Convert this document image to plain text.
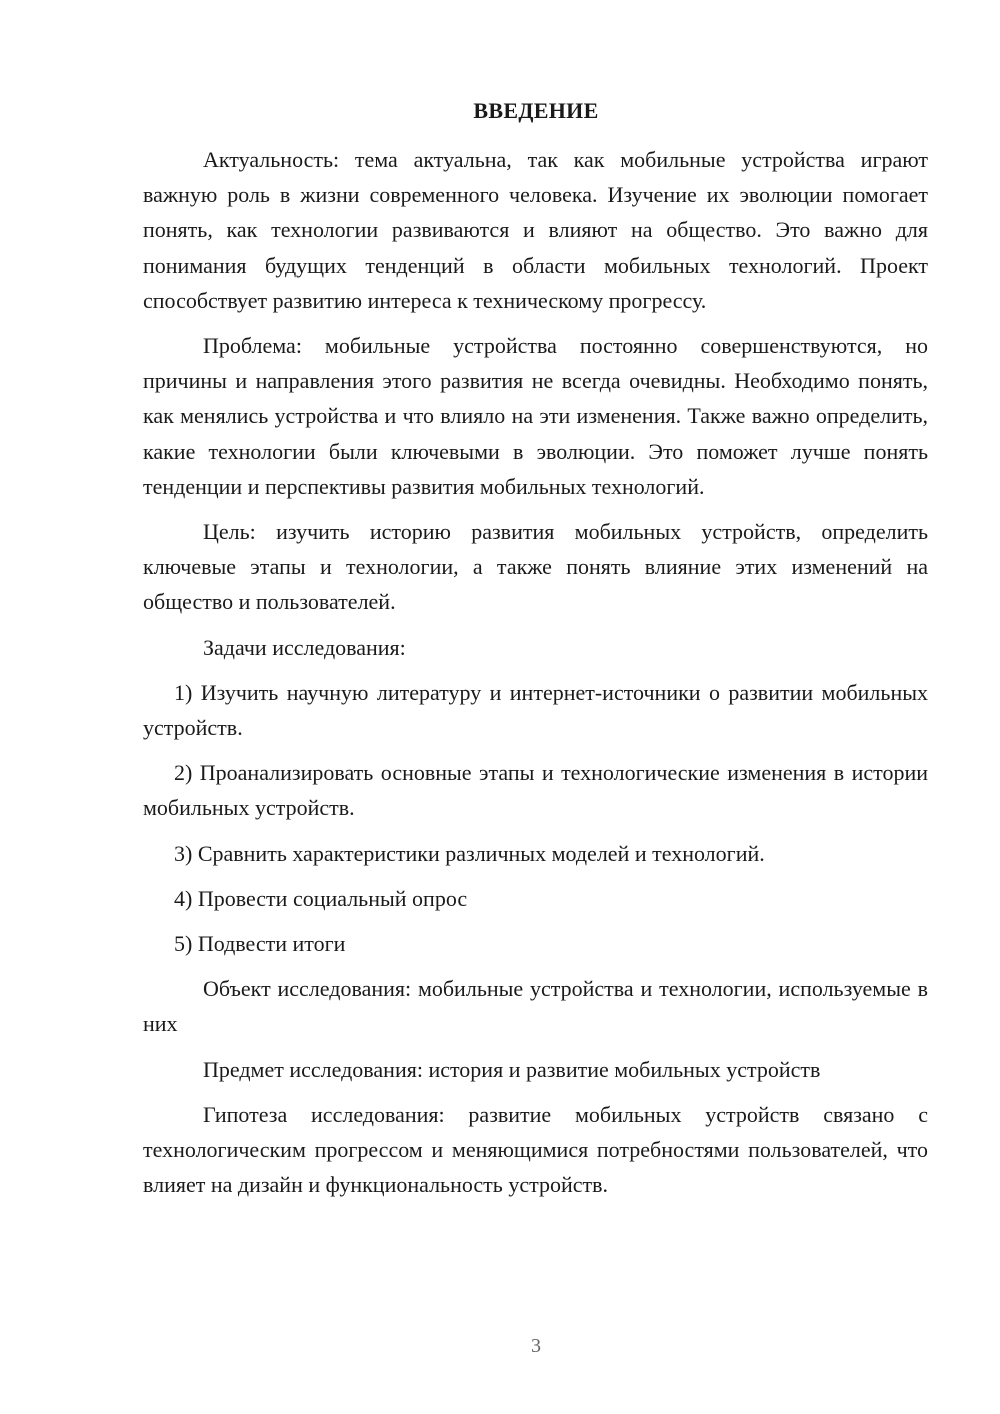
ВВЕДЕНИЕ

Актуальность: тема актуальна, так как мобильные устройства играют важную роль в жизни современного человека. Изучение их эволюции помогает понять, как технологии развиваются и влияют на общество. Это важно для понимания будущих тенденций в области мобильных технологий. Проект способствует развитию интереса к техническому прогрессу.

Проблема: мобильные устройства постоянно совершенствуются, но причины и направления этого развития не всегда очевидны. Необходимо понять, как менялись устройства и что влияло на эти изменения. Также важно определить, какие технологии были ключевыми в эволюции. Это поможет лучше понять тенденции и перспективы развития мобильных технологий.

Цель: изучить историю развития мобильных устройств, определить ключевые этапы и технологии, а также понять влияние этих изменений на общество и пользователей.

Задачи исследования:

1) Изучить научную литературу и интернет-источники о развитии мобильных устройств.

2) Проанализировать основные этапы и технологические изменения в истории мобильных устройств.

3) Сравнить характеристики различных моделей и технологий.

4) Провести социальный опрос

5) Подвести итоги

Объект исследования: мобильные устройства и технологии, используемые в них

Предмет исследования: история и развитие мобильных устройств

Гипотеза исследования: развитие мобильных устройств связано с технологическим прогрессом и меняющимися потребностями пользователей, что влияет на дизайн и функциональность устройств.

3
